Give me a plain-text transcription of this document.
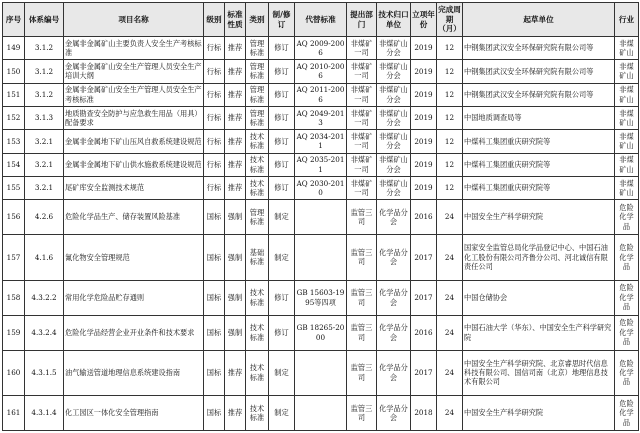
序号	体系编号	项目名称	级别	标准性质	类别	制/修订	代替标准	提出部门	技术归口单位	立项年份	完成周期（月）	起草单位	行业
149	3.1.2	金属非金属矿山主要负责人安全生产考核标准	行标	推荐	管理标准	修订	AQ 2009-2006	非煤矿一司	非煤矿山分会	2019	12	中钢集团武汉安全环保研究院有限公司等	非煤矿山
150	3.1.2	金属非金属矿山安全生产管理人员安全生产培训大纲	行标	推荐	管理标准	修订	AQ 2010-2006	非煤矿一司	非煤矿山分会	2019	12	中钢集团武汉安全环保研究院有限公司等	非煤矿山
151	3.1.2	金属非金属矿山安全生产管理人员安全生产考核标准	行标	推荐	管理标准	修订	AQ 2011-2006	非煤矿一司	非煤矿山分会	2019	12	中钢集团武汉安全环保研究院有限公司等	非煤矿山
152	3.1.3	地质勘查安全防护与应急救生用品（用具）配备要求	行标	推荐	管理标准	修订	AQ 2049-2013	非煤矿一司	非煤矿山分会	2019	12	中国地质调查局等	非煤矿山
153	3.2.1	金属非金属地下矿山压风自救系统建设规范	行标	推荐	技术标准	修订	AQ 2034-2011	非煤矿一司	非煤矿山分会	2019	12	中煤科工集团重庆研究院等	非煤矿山
154	3.2.1	金属非金属地下矿山供水施救系统建设规范	行标	推荐	技术标准	修订	AQ 2035-2011	非煤矿一司	非煤矿山分会	2019	12	中煤科工集团重庆研究院等	非煤矿山
155	3.2.1	尾矿库安全监测技术规范	行标	推荐	技术标准	修订	AQ 2030-2010	非煤矿一司	非煤矿山分会	2019	12	中煤科工集团重庆研究院等	非煤矿山
156	4.2.6	危险化学品生产、储存装置风险基准	国标	强制	管理标准	制定		监管三司	化学品分会	2016	24	中国安全生产科学研究院	危险化学品
157	4.1.6	氰化物安全管理规范	国标	强制	基础标准	制定		监管三司	化学品分会	2017	24	国家安全监管总局化学品登记中心、中国石油化工股份有限公司齐鲁分公司、河北诚信有限责任公司	危险化学品
158	4.3.2.2	常用化学危险品贮存通则	国标	强制	技术标准	修订	GB 15603-1995等四项	监管三司	化学品分会	2017	24	中国仓储协会	危险化学品
159	4.3.2.4	危险化学品经营企业开业条件和技术要求	国标	强制	技术标准	修订	GB 18265-2000	监管三司	化学品分会	2016	24	中国石油大学（华东）、中国安全生产科学研究院	危险化学品
160	4.3.1.5	油气输送管道地理信息系统建设指南	国标	推荐	技术标准	制定		监管三司	化学品分会	2017	24	中国安全生产科学研究院、北京睿思时代信息科技有限公司、国信司南（北京）地理信息技术有限公司	危险化学品
161	4.3.1.4	化工园区一体化安全管理指南	国标	推荐	技术标准	制定		监管三司	化学品分会	2018	24	中国安全生产科学研究院	危险化学品
